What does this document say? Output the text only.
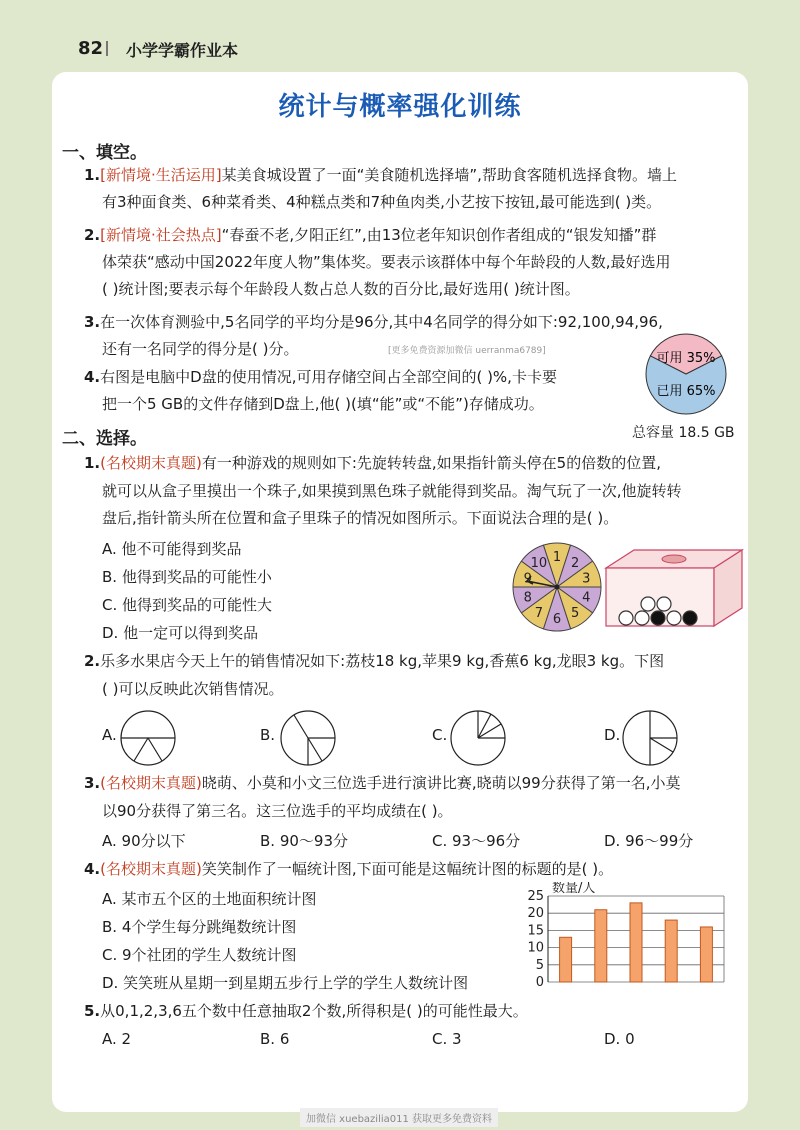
82 小学学霸作业本
统计与概率强化训练
一、填空。
1.[新情境·生活运用]某美食城设置了一面“美食随机选择墙”,帮助食客随机选择食物。墙上
有3种面食类、6种菜肴类、4种糕点类和7种鱼肉类,小艺按下按钮,最可能选到( )类。
2.[新情境·社会热点]“春蚕不老,夕阳正红”,由13位老年知识创作者组成的“银发知播”群
体荣获“感动中国2022年度人物”集体奖。要表示该群体中每个年龄段的人数,最好选用
( )统计图;要表示每个年龄段人数占总人数的百分比,最好选用( )统计图。
3.在一次体育测验中,5名同学的平均分是96分,其中4名同学的得分如下:92,100,94,96,
还有一名同学的得分是( )分。	[更多免费资源加微信 uerranma6789]
4.右图是电脑中D盘的使用情况,可用存储空间占全部空间的( )%,卡卡要
把一个5 GB的文件存储到D盘上,他( )(填“能”或“不能”)存储成功。
可用 35%
已用 65%
总容量 18.5 GB
二、选择。
1.(名校期末真题)有一种游戏的规则如下:先旋转转盘,如果指针箭头停在5的倍数的位置,
就可以从盒子里摸出一个珠子,如果摸到黑色珠子就能得到奖品。淘气玩了一次,他旋转转
盘后,指针箭头所在位置和盒子里珠子的情况如图所示。下面说法合理的是( )。
A. 他不可能得到奖品
B. 他得到奖品的可能性小
C. 他得到奖品的可能性大
D. 他一定可以得到奖品
1 2
3
4
5
6
7
8
9
10
2.乐多水果店今天上午的销售情况如下:荔枝18 kg,苹果9 kg,香蕉6 kg,龙眼3 kg。下图
( )可以反映此次销售情况。
A.	B.	C.	D.
3.(名校期末真题)晓萌、小莫和小文三位选手进行演讲比赛,晓萌以99分获得了第一名,小莫
以90分获得了第三名。这三位选手的平均成绩在( )。
A. 90分以下	B. 90～93分	C. 93～96分	D. 96～99分
4.(名校期末真题)笑笑制作了一幅统计图,下面可能是这幅统计图的标题的是( )。
A. 某市五个区的土地面积统计图
B. 4个学生每分跳绳数统计图
C. 9个社团的学生人数统计图
D. 笑笑班从星期一到星期五步行上学的学生人数统计图	0
5
10
15
20
25
数量/人
5.从0,1,2,3,6五个数中任意抽取2个数,所得积是( )的可能性最大。
A. 2	B. 6	C. 3	D. 0
加微信 xuebazilia011 获取更多免费资料
